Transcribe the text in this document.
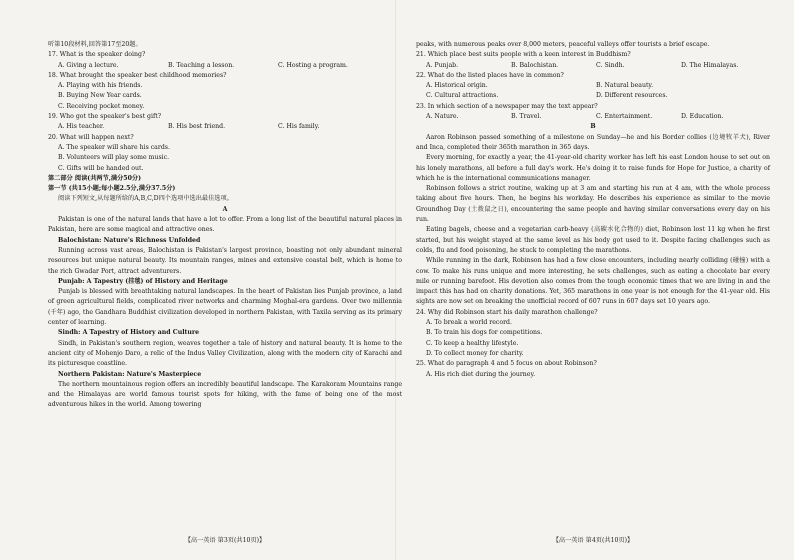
听第10段材料,回答第17至20题。
17. What is the speaker doing?
A. Giving a lecture.	B. Teaching a lesson.	C. Hosting a program.
18. What brought the speaker best childhood memories?
A. Playing with his friends.
B. Buying New Year cards.
C. Receiving pocket money.
19. Who got the speaker's best gift?
A. His teacher.	B. His best friend.	C. His family.
20. What will happen next?
A. The speaker will share his cards.
B. Volunteers will play some music.
C. Gifts will be handed out.
第二部分 阅读(共两节,满分50分)
第一节 (共15小题;每小题2.5分,满分37.5分)
阅读下列短文,从每题所给的A,B,C,D四个选项中选出最佳选项。
A
Pakistan is one of the natural lands that have a lot to offer. From a long list of the beautiful natural places in Pakistan, here are some magical and attractive ones.
Balochistan: Nature's Richness Unfolded
Running across vast areas, Balochistan is Pakistan's largest province, boasting not only abundant mineral resources but unique natural beauty. Its mountain ranges, mines and extensive coastal belt, which is home to the rich Gwadar Port, attract adventurers.
Punjab: A Tapestry (挂毯) of History and Heritage
Punjab is blessed with breathtaking natural landscapes. In the heart of Pakistan lies Punjab province, a land of green agricultural fields, complicated river networks and charming Moghal-era gardens. Over two millennia (千年) ago, the Gandhara Buddhist civilization developed in northern Pakistan, with Taxila serving as its primary center of learning.
Sindh: A Tapestry of History and Culture
Sindh, in Pakistan's southern region, weaves together a tale of history and natural beauty. It is home to the ancient city of Mohenjo Daro, a relic of the Indus Valley Civilization, along with the modern city of Karachi and its picturesque coastline.
Northern Pakistan: Nature's Masterpiece
The northern mountainous region offers an incredibly beautiful landscape. The Karakoram Mountains range and the Himalayas are world famous tourist spots for hiking, with the fame of being one of the most adventurous hikes in the world. Among towering
peaks, with numerous peaks over 8,000 meters, peaceful valleys offer tourists a brief escape.
21. Which place best suits people with a keen interest in Buddhism?
A. Punjab.	B. Balochistan.	C. Sindh.	D. The Himalayas.
22. What do the listed places have in common?
A. Historical origin.	B. Natural beauty.
C. Cultural attractions.	D. Different resources.
23. In which section of a newspaper may the text appear?
A. Nature.	B. Travel.	C. Entertainment.	D. Education.
B
Aaron Robinson passed something of a milestone on Sunday—he and his Border collies (边境牧羊犬), River and Inca, completed their 365th marathon in 365 days.
Every morning, for exactly a year, the 41-year-old charity worker has left his east London house to set out on his lonely marathons, all before a full day's work. He's doing it to raise funds for Hope for Justice, a charity of which he is the international communications manager.
Robinson follows a strict routine, waking up at 3 am and starting his run at 4 am, with the whole process taking about five hours. Then, he begins his workday. He describes his experience as similar to the movie Groundhog Day (土拨鼠之日), encountering the same people and having similar conversations every day on his run.
Eating bagels, cheese and a vegetarian carb-heavy (高碳水化合物的) diet, Robinson lost 11 kg when he first started, but his weight stayed at the same level as his body got used to it. Despite facing challenges such as colds, flu and food poisoning, he stuck to completing the marathons.
While running in the dark, Robinson has had a few close encounters, including nearly colliding (碰撞) with a cow. To make his runs unique and more interesting, he sets challenges, such as eating a chocolate bar every mile or running barefoot. His devotion also comes from the tough economic times that we are living in and the impact this has had on charity donations. Yet, 365 marathons in one year is not enough for the 41-year old. His sights are now set on breaking the unofficial record of 607 runs in 607 days set 10 years ago.
24. Why did Robinson start his daily marathon challenge?
A. To break a world record.
B. To train his dogs for competitions.
C. To keep a healthy lifestyle.
D. To collect money for charity.
25. What do paragraph 4 and 5 focus on about Robinson?
A. His rich diet during the journey.
【高一英语 第3页(共10页)】	【高一英语 第4页(共10页)】
